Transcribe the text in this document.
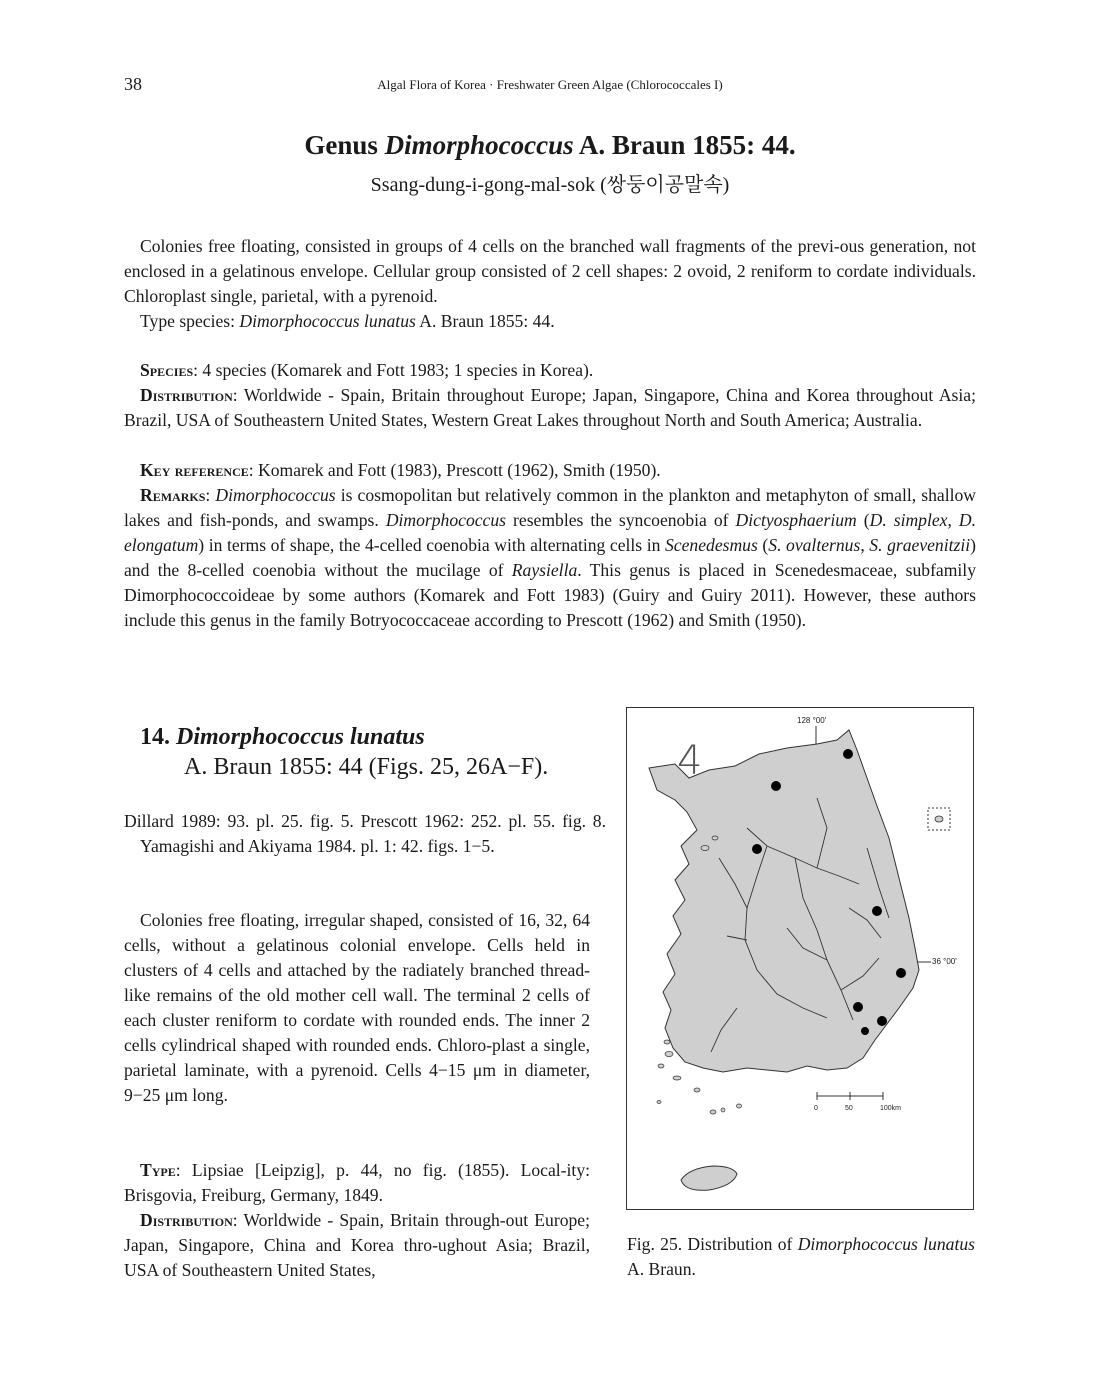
38	Algal Flora of Korea · Freshwater Green Algae (Chlorococcales I)
Genus Dimorphococcus A. Braun 1855: 44.
Ssang-dung-i-gong-mal-sok (쌍둥이공말속)

Colonies free floating, consisted in groups of 4 cells on the branched wall fragments of the previ-ous generation, not enclosed in a gelatinous envelope. Cellular group consisted of 2 cell shapes: 2 ovoid, 2 reniform to cordate individuals. Chloroplast single, parietal, with a pyrenoid.

Type species: Dimorphococcus lunatus A. Braun 1855: 44.

Species: 4 species (Komarek and Fott 1983; 1 species in Korea).

Distribution: Worldwide - Spain, Britain throughout Europe; Japan, Singapore, China and Korea throughout Asia; Brazil, USA of Southeastern United States, Western Great Lakes throughout North and South America; Australia.

Key reference: Komarek and Fott (1983), Prescott (1962), Smith (1950).

Remarks: Dimorphococcus is cosmopolitan but relatively common in the plankton and metaphyton of small, shallow lakes and fish-ponds, and swamps. Dimorphococcus resembles the syncoenobia of Dictyosphaerium (D. simplex, D. elongatum) in terms of shape, the 4-celled coenobia with alternating cells in Scenedesmus (S. ovalternus, S. graevenitzii) and the 8-celled coenobia without the mucilage of Raysiella. This genus is placed in Scenedesmaceae, subfamily Dimorphococcoideae by some authors (Komarek and Fott 1983) (Guiry and Guiry 2011). However, these authors include this genus in the family Botryococcaceae according to Prescott (1962) and Smith (1950).

14. Dimorphococcus lunatus
A. Braun 1855: 44 (Figs. 25, 26A−F).

Dillard 1989: 93. pl. 25. fig. 5. Prescott 1962: 252. pl. 55. fig. 8. Yamagishi and Akiyama 1984. pl. 1: 42. figs. 1−5.

Colonies free floating, irregular shaped, consisted of 16, 32, 64 cells, without a gelatinous colonial envelope. Cells held in clusters of 4 cells and attached by the radiately branched thread-like remains of the old mother cell wall. The terminal 2 cells of each cluster reniform to cordate with rounded ends. The inner 2 cells cylindrical shaped with rounded ends. Chloro-plast a single, parietal laminate, with a pyrenoid. Cells 4−15 μm in diameter, 9−25 μm long.

Type: Lipsiae [Leipzig], p. 44, no fig. (1855). Local-ity: Brisgovia, Freiburg, Germany, 1849.

Distribution: Worldwide - Spain, Britain through-out Europe; Japan, Singapore, China and Korea thro-ughout Asia; Brazil, USA of Southeastern United States,

128 °00'
4
36 °00'
0	50	100km
Fig. 25. Distribution of Dimorphococcus lunatus A. Braun.
